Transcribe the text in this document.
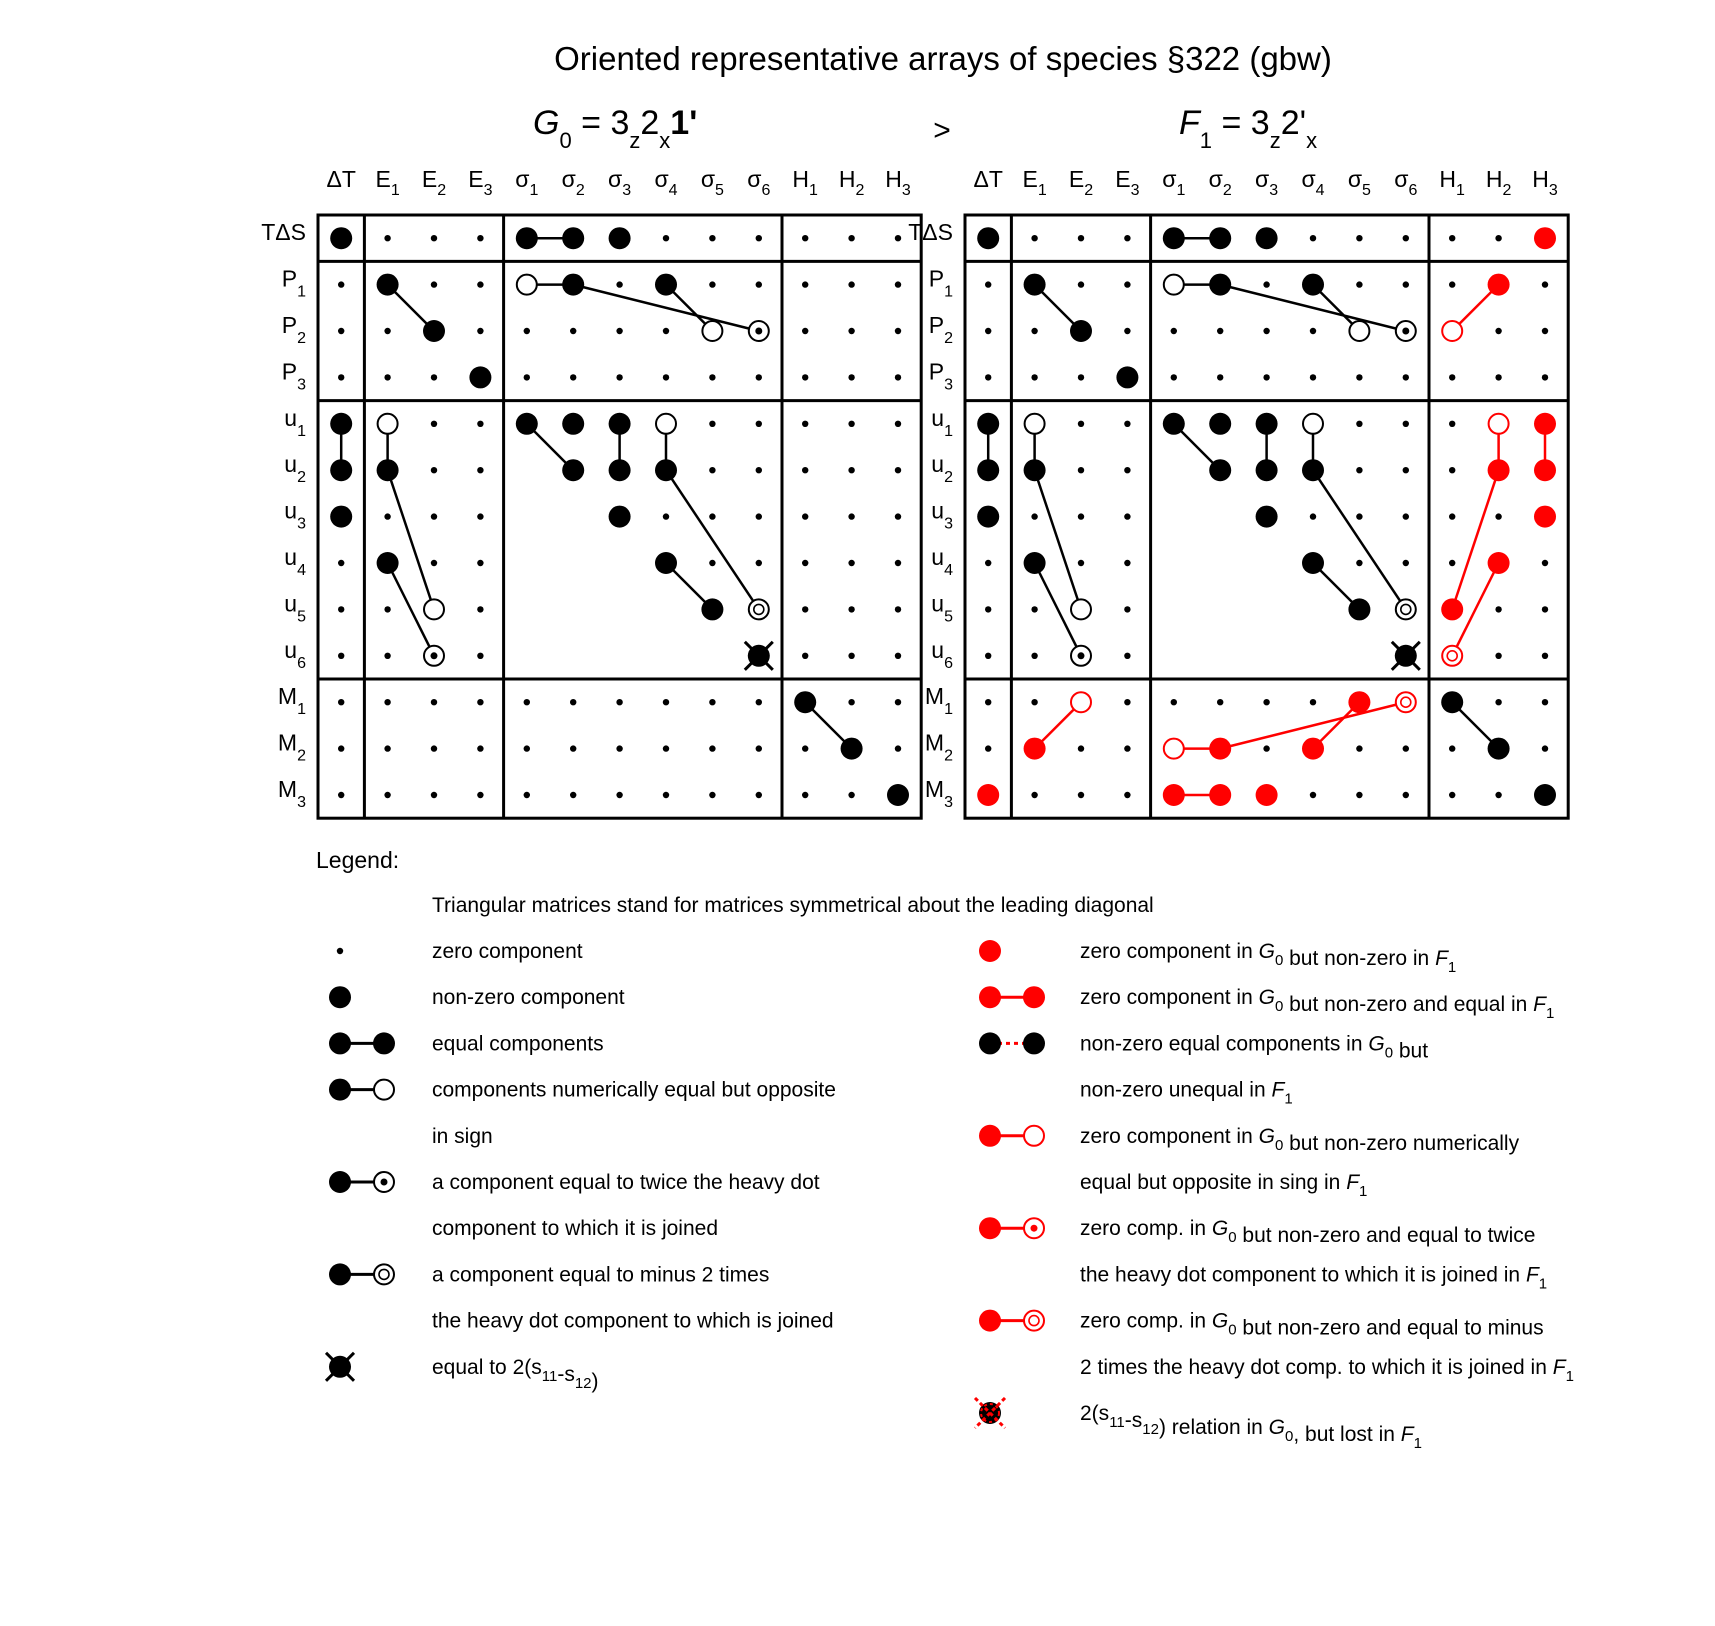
Oriented representative arrays of species §322 (gbw)
>
$G_0 = 3_z2_x1'$	$F_1 = 3_z2'_x$
ΔT $E_1$ $E_2$ $E_3$ $\sigma_1$ $\sigma_2$ $\sigma_3$ $\sigma_4$ $\sigma_5$ $\sigma_6$ $H_1$ $H_2$ $H_3$
TΔS
$P_1$
$P_2$
$P_3$
$u_1$
$u_2$
$u_3$
$u_4$
$u_5$
$u_6$
$M_1$
$M_2$
$M_3$
ΔT $E_1$ $E_2$ $E_3$ $\sigma_1$ $\sigma_2$ $\sigma_3$ $\sigma_4$ $\sigma_5$ $\sigma_6$ $H_1$ $H_2$ $H_3$
TΔS
$P_1$
$P_2$
$P_3$
$u_1$
$u_2$
$u_3$
$u_4$
$u_5$
$u_6$
$M_1$
$M_2$
$M_3$
Legend:
Triangular matrices stand for matrices symmetrical about the leading diagonal
zero component
non-zero component
equal components
components numerically equal but opposite
in sign
a component equal to twice the heavy dot
component to which it is joined
a component equal to minus 2 times
the heavy dot component to which is joined
equal to $2(s_{11}-s_{12})$
zero component in $G_0$ but non-zero in $F_1$
zero component in $G_0$ but non-zero and equal in $F_1$
non-zero equal components in $G_0$ but
non-zero unequal in $F_1$
zero component in $G_0$ but non-zero numerically
equal but opposite in sing in $F_1$
zero comp. in $G_0$ but non-zero and equal to twice
the heavy dot component to which it is joined in $F_1$
zero comp. in $G_0$ but non-zero and equal to minus
2 times the heavy dot comp. to which it is joined in $F_1$
$2(s_{11}-s_{12})$ relation in $G_0$, but lost in $F_1$
